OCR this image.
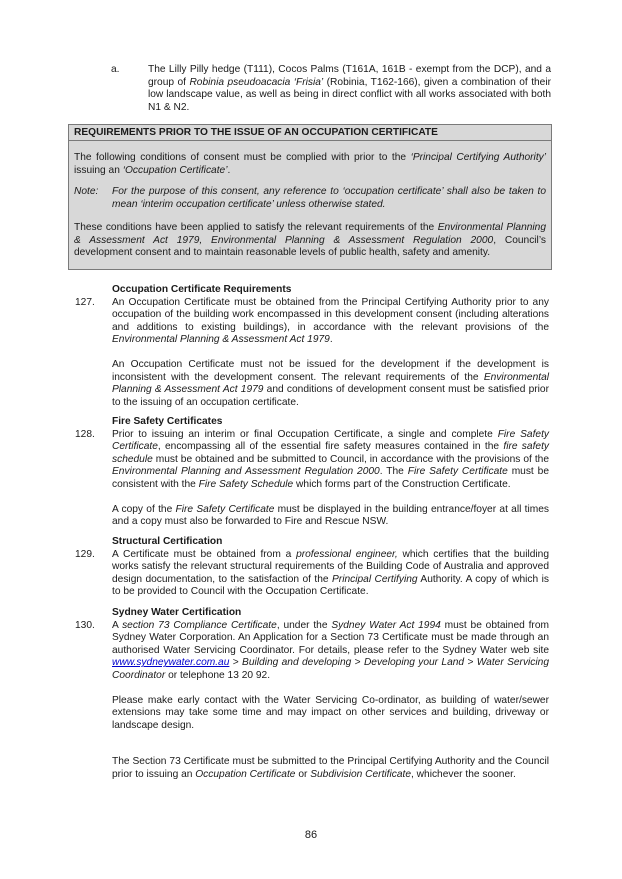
a.	The Lilly Pilly hedge (T111), Cocos Palms (T161A, 161B - exempt from the DCP), and a group of Robinia pseudoacacia ‘Frisia’ (Robinia, T162-166), given a combination of their low landscape value, as well as being in direct conflict with all works associated with both N1 & N2.

REQUIREMENTS PRIOR TO THE ISSUE OF AN OCCUPATION CERTIFICATE

The following conditions of consent must be complied with prior to the ‘Principal Certifying Authority’ issuing an ‘Occupation Certificate’.

Note: For the purpose of this consent, any reference to ‘occupation certificate’ shall also be taken to mean ‘interim occupation certificate’ unless otherwise stated.

These conditions have been applied to satisfy the relevant requirements of the Environmental Planning & Assessment Act 1979, Environmental Planning & Assessment Regulation 2000, Council’s development consent and to maintain reasonable levels of public health, safety and amenity.

Occupation Certificate Requirements
127. An Occupation Certificate must be obtained from the Principal Certifying Authority prior to any occupation of the building work encompassed in this development consent (including alterations and additions to existing buildings), in accordance with the relevant provisions of the Environmental Planning & Assessment Act 1979.

An Occupation Certificate must not be issued for the development if the development is inconsistent with the development consent. The relevant requirements of the Environmental Planning & Assessment Act 1979 and conditions of development consent must be satisfied prior to the issuing of an occupation certificate.

Fire Safety Certificates
128. Prior to issuing an interim or final Occupation Certificate, a single and complete Fire Safety Certificate, encompassing all of the essential fire safety measures contained in the fire safety schedule must be obtained and be submitted to Council, in accordance with the provisions of the Environmental Planning and Assessment Regulation 2000. The Fire Safety Certificate must be consistent with the Fire Safety Schedule which forms part of the Construction Certificate.

A copy of the Fire Safety Certificate must be displayed in the building entrance/foyer at all times and a copy must also be forwarded to Fire and Rescue NSW.

Structural Certification
129. A Certificate must be obtained from a professional engineer, which certifies that the building works satisfy the relevant structural requirements of the Building Code of Australia and approved design documentation, to the satisfaction of the Principal Certifying Authority. A copy of which is to be provided to Council with the Occupation Certificate.

Sydney Water Certification
130. A section 73 Compliance Certificate, under the Sydney Water Act 1994 must be obtained from Sydney Water Corporation. An Application for a Section 73 Certificate must be made through an authorised Water Servicing Coordinator. For details, please refer to the Sydney Water web site www.sydneywater.com.au > Building and developing > Developing your Land > Water Servicing Coordinator or telephone 13 20 92.

Please make early contact with the Water Servicing Co-ordinator, as building of water/sewer extensions may take some time and may impact on other services and building, driveway or landscape design.

The Section 73 Certificate must be submitted to the Principal Certifying Authority and the Council prior to issuing an Occupation Certificate or Subdivision Certificate, whichever the sooner.

86
